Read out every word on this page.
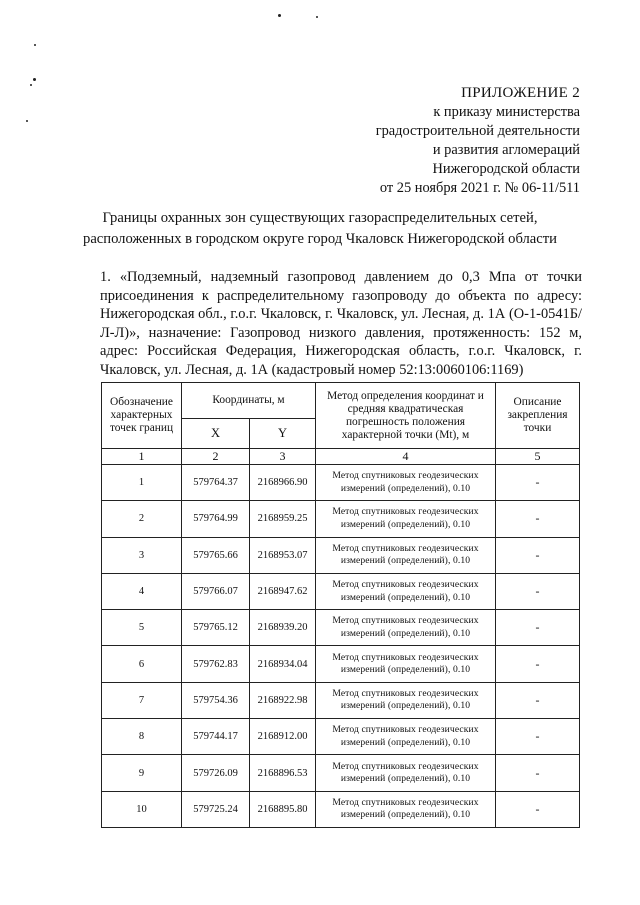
ПРИЛОЖЕНИЕ 2
к приказу министерства
градостроительной деятельности
и развития агломераций
Нижегородской области
от 25 ноября 2021 г. № 06-11/511
Границы охранных зон существующих газораспределительных сетей,
расположенных в городском округе город Чкаловск Нижегородской области
1. «Подземный, надземный газопровод давлением до 0,3 Мпа от точки присоединения к распределительному газопроводу до объекта по адресу: Нижегородская обл., г.о.г. Чкаловск, г. Чкаловск, ул. Лесная, д. 1А (О-1-0541Б/Л-Л)», назначение: Газопровод низкого давления, протяженность: 152 м, адрес: Российская Федерация, Нижегородская область, г.о.г. Чкаловск, г. Чкаловск, ул. Лесная, д. 1А (кадастровый номер 52:13:0060106:1169)
Обозначение характерных точек границ	Координаты, м		Метод определения координат и средняя квадратическая погрешность положения характерной точки (Mt), м	Описание закрепления точки
	X	Y		
1	2	3	4	5
1	579764.37	2168966.90	Метод спутниковых геодезических измерений (определений), 0.10	-
2	579764.99	2168959.25	Метод спутниковых геодезических измерений (определений), 0.10	-
3	579765.66	2168953.07	Метод спутниковых геодезических измерений (определений), 0.10	-
4	579766.07	2168947.62	Метод спутниковых геодезических измерений (определений), 0.10	-
5	579765.12	2168939.20	Метод спутниковых геодезических измерений (определений), 0.10	-
6	579762.83	2168934.04	Метод спутниковых геодезических измерений (определений), 0.10	-
7	579754.36	2168922.98	Метод спутниковых геодезических измерений (определений), 0.10	-
8	579744.17	2168912.00	Метод спутниковых геодезических измерений (определений), 0.10	-
9	579726.09	2168896.53	Метод спутниковых геодезических измерений (определений), 0.10	-
10	579725.24	2168895.80	Метод спутниковых геодезических измерений (определений), 0.10	-
